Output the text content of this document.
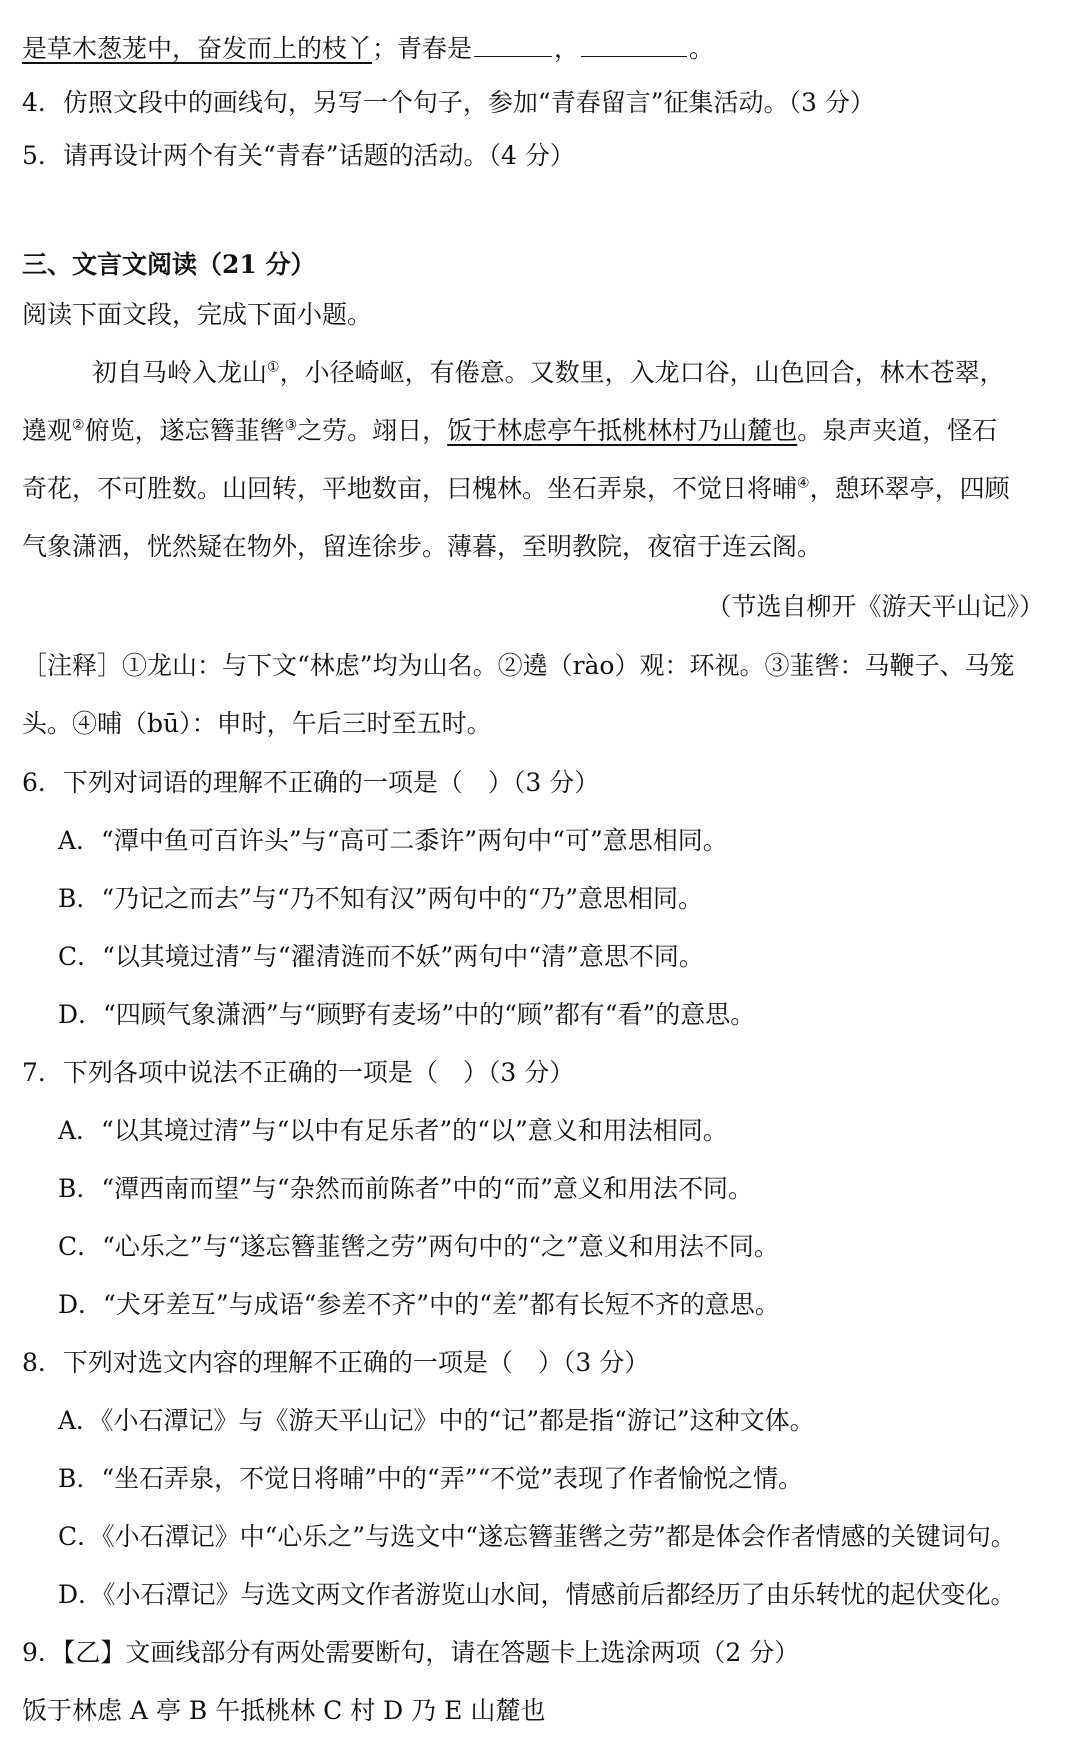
是草木葱茏中，奋发而上的枝丫；青春是	，	。
4．仿照文段中的画线句，另写一个句子，参加“青春留言”征集活动。（3 分）
5．请再设计两个有关“青春”话题的活动。（4 分）
三、文言文阅读（21 分）
阅读下面文段，完成下面小题。
初自马岭入龙山①，小径崎岖，有倦意。又数里，入龙口谷，山色回合，林木苍翠，
遶观②俯览，遂忘簪韮辔③之劳。翊日，饭于林虑亭午抵桃林村乃山麓也。泉声夹道，怪石
奇花，不可胜数。山回转，平地数亩，曰槐林。坐石弄泉，不觉日将晡④，憩环翠亭，四顾
气象潇洒，恍然疑在物外，留连徐步。薄暮，至明教院，夜宿于连云阁。
（节选自柳开《游天平山记》）
［注释］①龙山：与下文“林虑”均为山名。②遶（rào）观：环视。③韮辔：马鞭子、马笼
头。④晡（bū）：申时，午后三时至五时。
6．下列对词语的理解不正确的一项是（　）（3 分）
A．“潭中鱼可百许头”与“高可二黍许”两句中“可”意思相同。
B．“乃记之而去”与“乃不知有汉”两句中的“乃”意思相同。
C．“以其境过清”与“濯清涟而不妖”两句中“清”意思不同。
D．“四顾气象潇洒”与“顾野有麦场”中的“顾”都有“看”的意思。
7．下列各项中说法不正确的一项是（　）（3 分）
A．“以其境过清”与“以中有足乐者”的“以”意义和用法相同。
B．“潭西南而望”与“杂然而前陈者”中的“而”意义和用法不同。
C．“心乐之”与“遂忘簪韮辔之劳”两句中的“之”意义和用法不同。
D．“犬牙差互”与成语“参差不齐”中的“差”都有长短不齐的意思。
8．下列对选文内容的理解不正确的一项是（　）（3 分）
A．《小石潭记》与《游天平山记》中的“记”都是指“游记”这种文体。
B．“坐石弄泉，不觉日将晡”中的“弄”“不觉”表现了作者愉悦之情。
C．《小石潭记》中“心乐之”与选文中“遂忘簪韮辔之劳”都是体会作者情感的关键词句。
D．《小石潭记》与选文两文作者游览山水间，情感前后都经历了由乐转忧的起伏变化。
9．【乙】文画线部分有两处需要断句，请在答题卡上选涂两项（2 分）
饭于林虑 A 亭 B 午抵桃林 C 村 D 乃 E 山麓也
